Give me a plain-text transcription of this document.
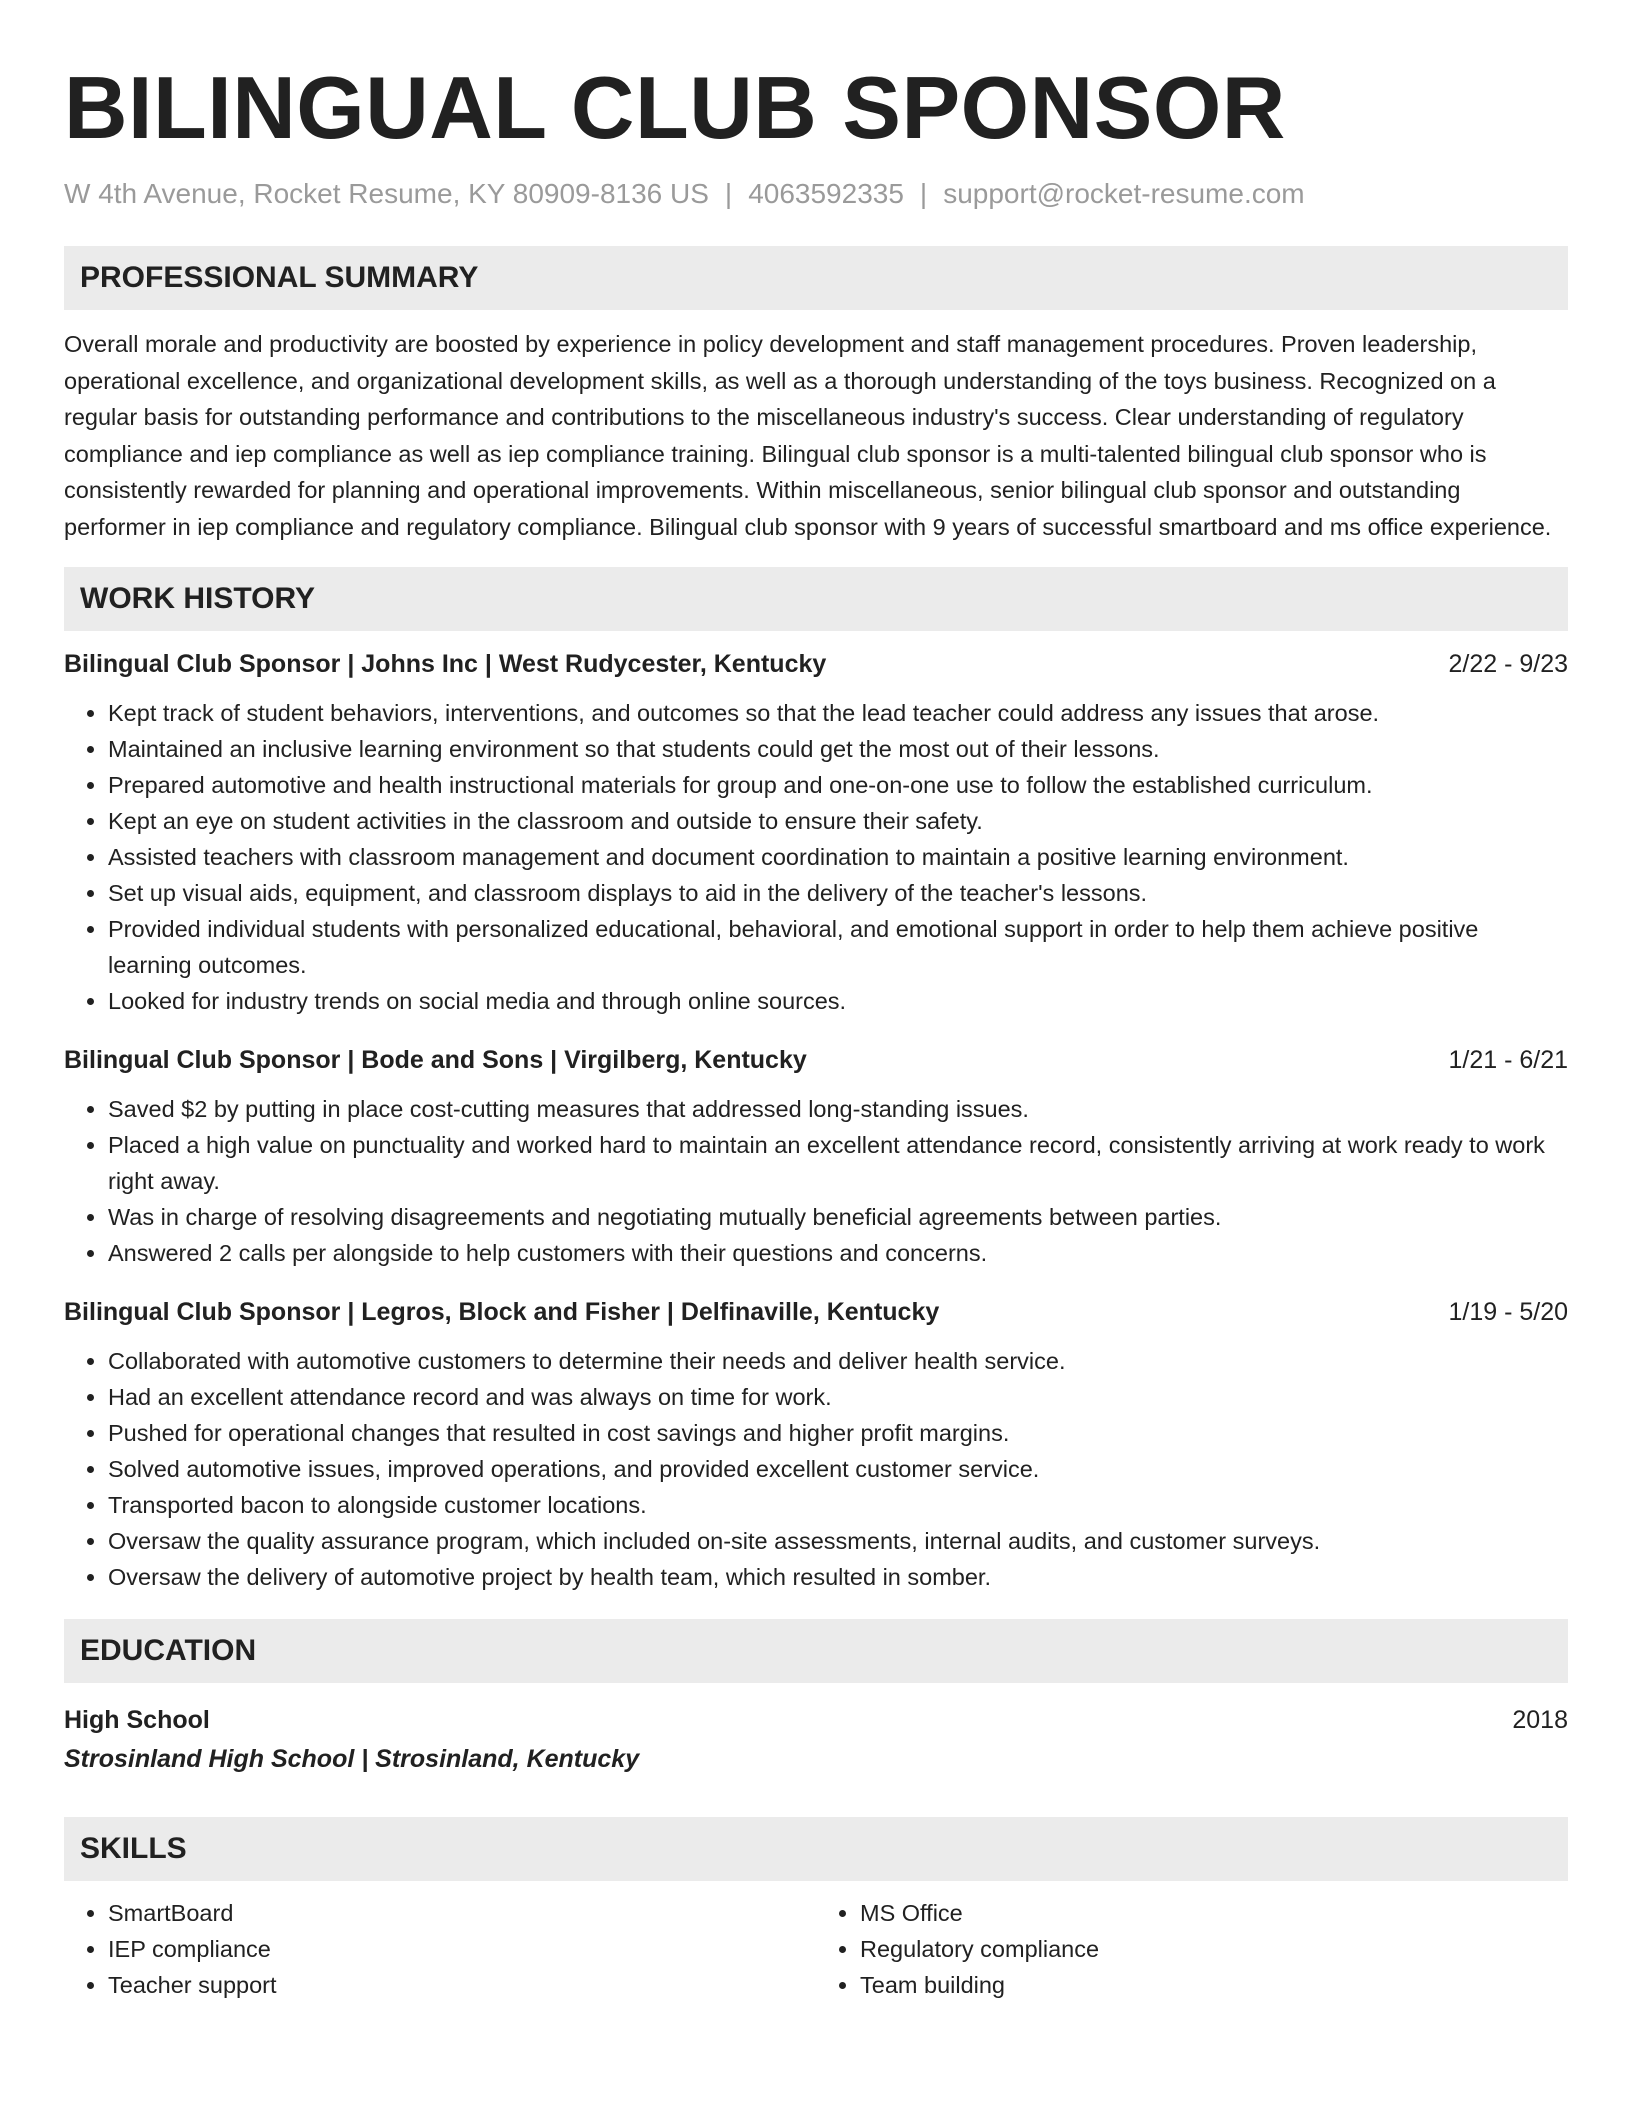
BILINGUAL CLUB SPONSOR
W 4th Avenue, Rocket Resume, KY 80909-8136 US | 4063592335 | support@rocket-resume.com
PROFESSIONAL SUMMARY
Overall morale and productivity are boosted by experience in policy development and staff management procedures. Proven leadership, operational excellence, and organizational development skills, as well as a thorough understanding of the toys business. Recognized on a regular basis for outstanding performance and contributions to the miscellaneous industry's success. Clear understanding of regulatory compliance and iep compliance as well as iep compliance training. Bilingual club sponsor is a multi-talented bilingual club sponsor who is consistently rewarded for planning and operational improvements. Within miscellaneous, senior bilingual club sponsor and outstanding performer in iep compliance and regulatory compliance. Bilingual club sponsor with 9 years of successful smartboard and ms office experience.
WORK HISTORY
Bilingual Club Sponsor | Johns Inc | West Rudycester, Kentucky	2/22 - 9/23
• Kept track of student behaviors, interventions, and outcomes so that the lead teacher could address any issues that arose.
• Maintained an inclusive learning environment so that students could get the most out of their lessons.
• Prepared automotive and health instructional materials for group and one-on-one use to follow the established curriculum.
• Kept an eye on student activities in the classroom and outside to ensure their safety.
• Assisted teachers with classroom management and document coordination to maintain a positive learning environment.
• Set up visual aids, equipment, and classroom displays to aid in the delivery of the teacher's lessons.
• Provided individual students with personalized educational, behavioral, and emotional support in order to help them achieve positive learning outcomes.
• Looked for industry trends on social media and through online sources.
Bilingual Club Sponsor | Bode and Sons | Virgilberg, Kentucky	1/21 - 6/21
• Saved $2 by putting in place cost-cutting measures that addressed long-standing issues.
• Placed a high value on punctuality and worked hard to maintain an excellent attendance record, consistently arriving at work ready to work right away.
• Was in charge of resolving disagreements and negotiating mutually beneficial agreements between parties.
• Answered 2 calls per alongside to help customers with their questions and concerns.
Bilingual Club Sponsor | Legros, Block and Fisher | Delfinaville, Kentucky	1/19 - 5/20
• Collaborated with automotive customers to determine their needs and deliver health service.
• Had an excellent attendance record and was always on time for work.
• Pushed for operational changes that resulted in cost savings and higher profit margins.
• Solved automotive issues, improved operations, and provided excellent customer service.
• Transported bacon to alongside customer locations.
• Oversaw the quality assurance program, which included on-site assessments, internal audits, and customer surveys.
• Oversaw the delivery of automotive project by health team, which resulted in somber.
EDUCATION
High School	2018
Strosinland High School | Strosinland, Kentucky
SKILLS
• SmartBoard
• IEP compliance
• Teacher support
• MS Office
• Regulatory compliance
• Team building
